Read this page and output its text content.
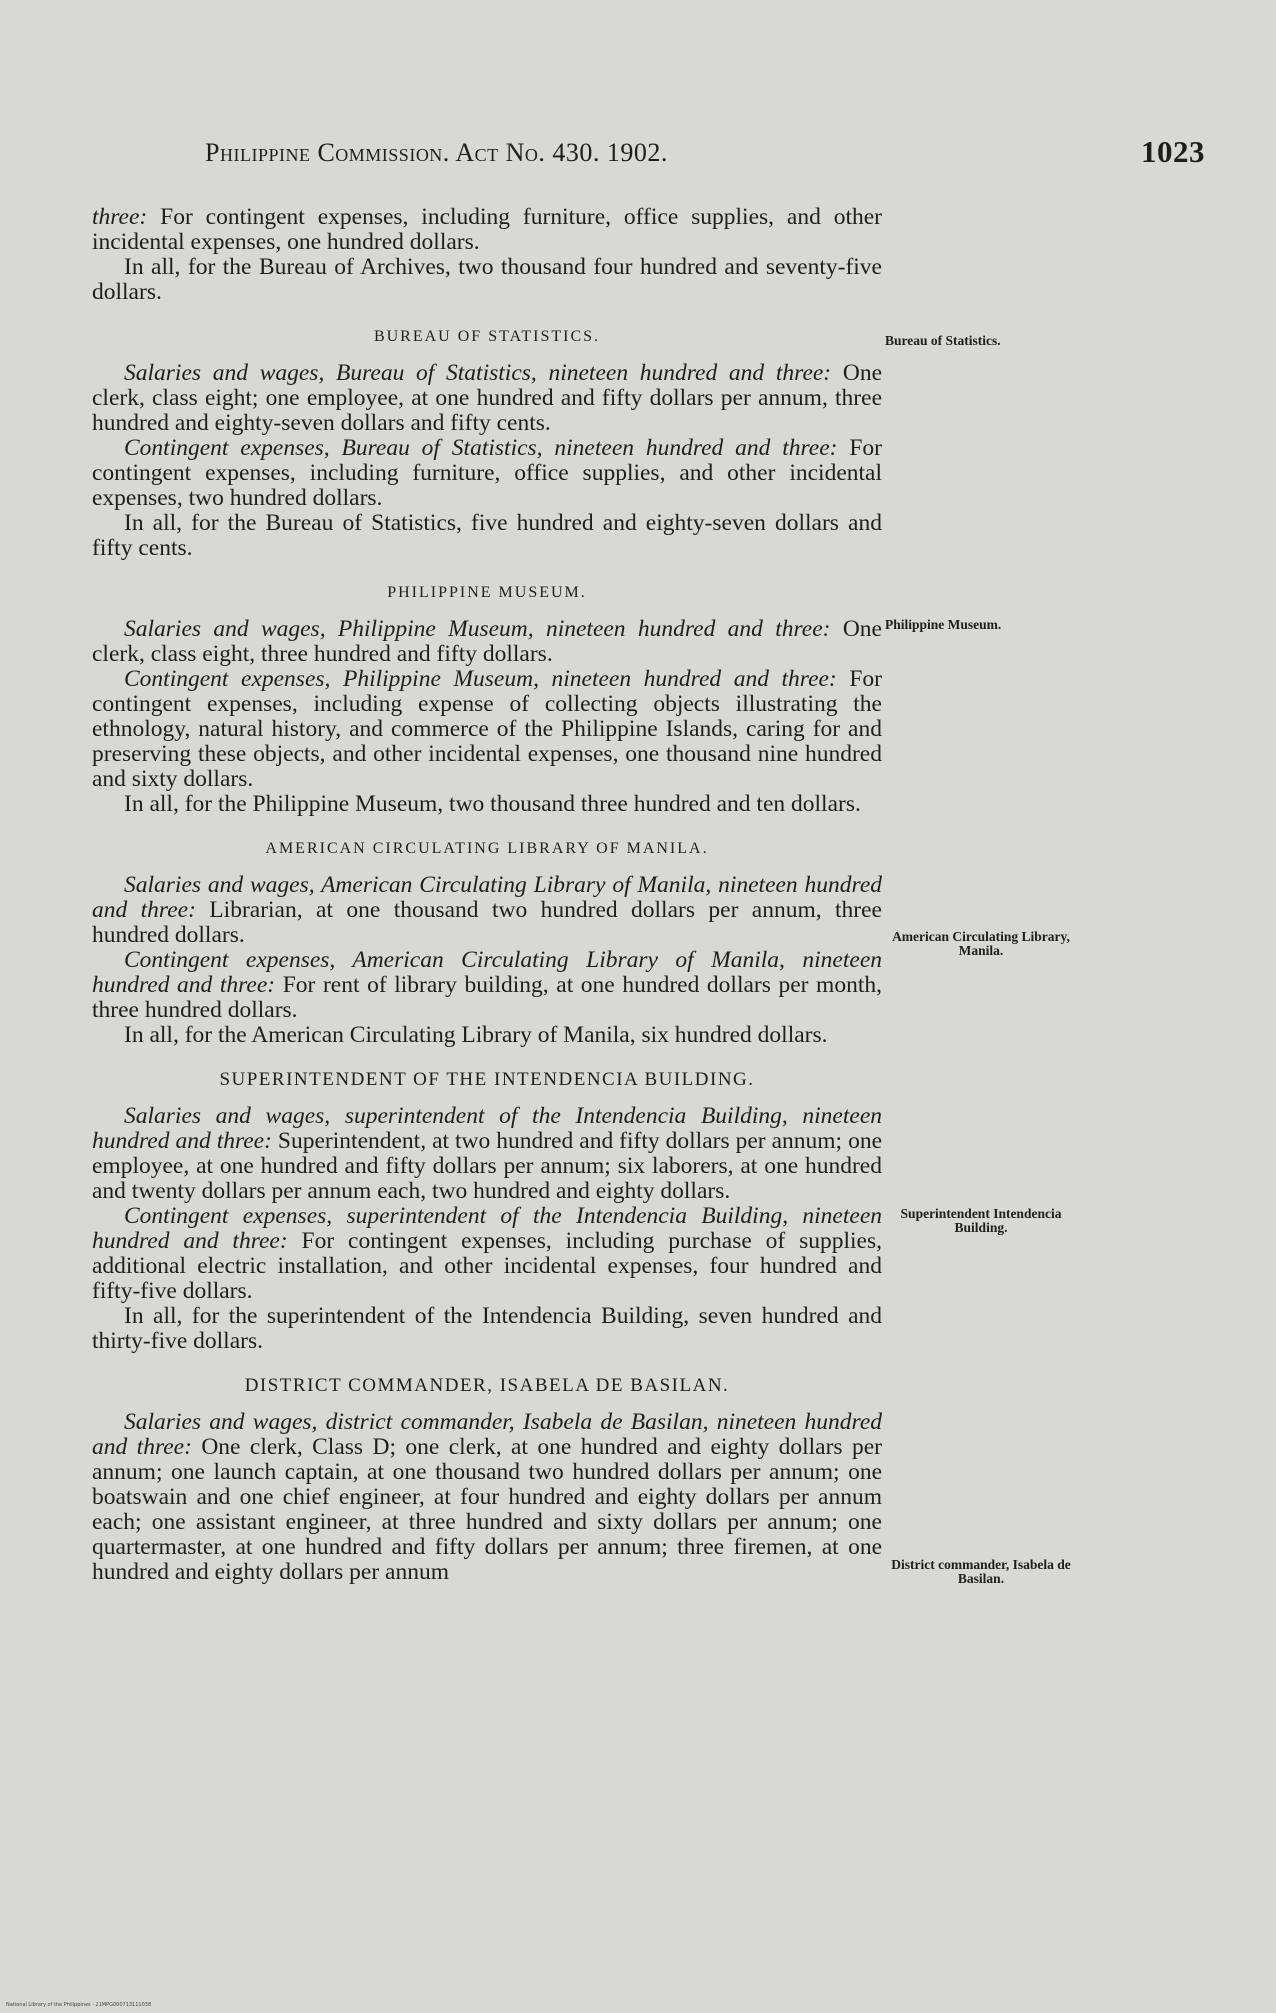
Philippine Commission. Act No. 430. 1902.	1023

three: For contingent expenses, including furniture, office supplies, and other incidental expenses, one hundred dollars.

In all, for the Bureau of Archives, two thousand four hundred and seventy-five dollars.

BUREAU OF STATISTICS.

Salaries and wages, Bureau of Statistics, nineteen hundred and three: One clerk, class eight; one employee, at one hundred and fifty dollars per annum, three hundred and eighty-seven dollars and fifty cents.

Contingent expenses, Bureau of Statistics, nineteen hundred and three: For contingent expenses, including furniture, office supplies, and other incidental expenses, two hundred dollars.

In all, for the Bureau of Statistics, five hundred and eighty-seven dollars and fifty cents.

PHILIPPINE MUSEUM.

Salaries and wages, Philippine Museum, nineteen hundred and three: One clerk, class eight, three hundred and fifty dollars.

Contingent expenses, Philippine Museum, nineteen hundred and three: For contingent expenses, including expense of collecting objects illustrating the ethnology, natural history, and commerce of the Philippine Islands, caring for and preserving these objects, and other incidental expenses, one thousand nine hundred and sixty dollars.

In all, for the Philippine Museum, two thousand three hundred and ten dollars.

AMERICAN CIRCULATING LIBRARY OF MANILA.

Salaries and wages, American Circulating Library of Manila, nineteen hundred and three: Librarian, at one thousand two hundred dollars per annum, three hundred dollars.

Contingent expenses, American Circulating Library of Manila, nineteen hundred and three: For rent of library building, at one hundred dollars per month, three hundred dollars.

In all, for the American Circulating Library of Manila, six hundred dollars.

SUPERINTENDENT OF THE INTENDENCIA BUILDING.

Salaries and wages, superintendent of the Intendencia Building, nineteen hundred and three: Superintendent, at two hundred and fifty dollars per annum; one employee, at one hundred and fifty dollars per annum; six laborers, at one hundred and twenty dollars per annum each, two hundred and eighty dollars.

Contingent expenses, superintendent of the Intendencia Building, nineteen hundred and three: For contingent expenses, including purchase of supplies, additional electric installation, and other incidental expenses, four hundred and fifty-five dollars.

In all, for the superintendent of the Intendencia Building, seven hundred and thirty-five dollars.

DISTRICT COMMANDER, ISABELA DE BASILAN.

Salaries and wages, district commander, Isabela de Basilan, nineteen hundred and three: One clerk, Class D; one clerk, at one hundred and eighty dollars per annum; one launch captain, at one thousand two hundred dollars per annum; one boatswain and one chief engineer, at four hundred and eighty dollars per annum each; one assistant engineer, at three hundred and sixty dollars per annum; one quartermaster, at one hundred and fifty dollars per annum; three firemen, at one hundred and eighty dollars per annum

Bureau of Statistics.
Philippine Museum.
American Circulating Library, Manila.
Superintendent Intendencia Building.
District commander, Isabela de Basilan.
National Library of the Philippines · 21MPG000713111038
